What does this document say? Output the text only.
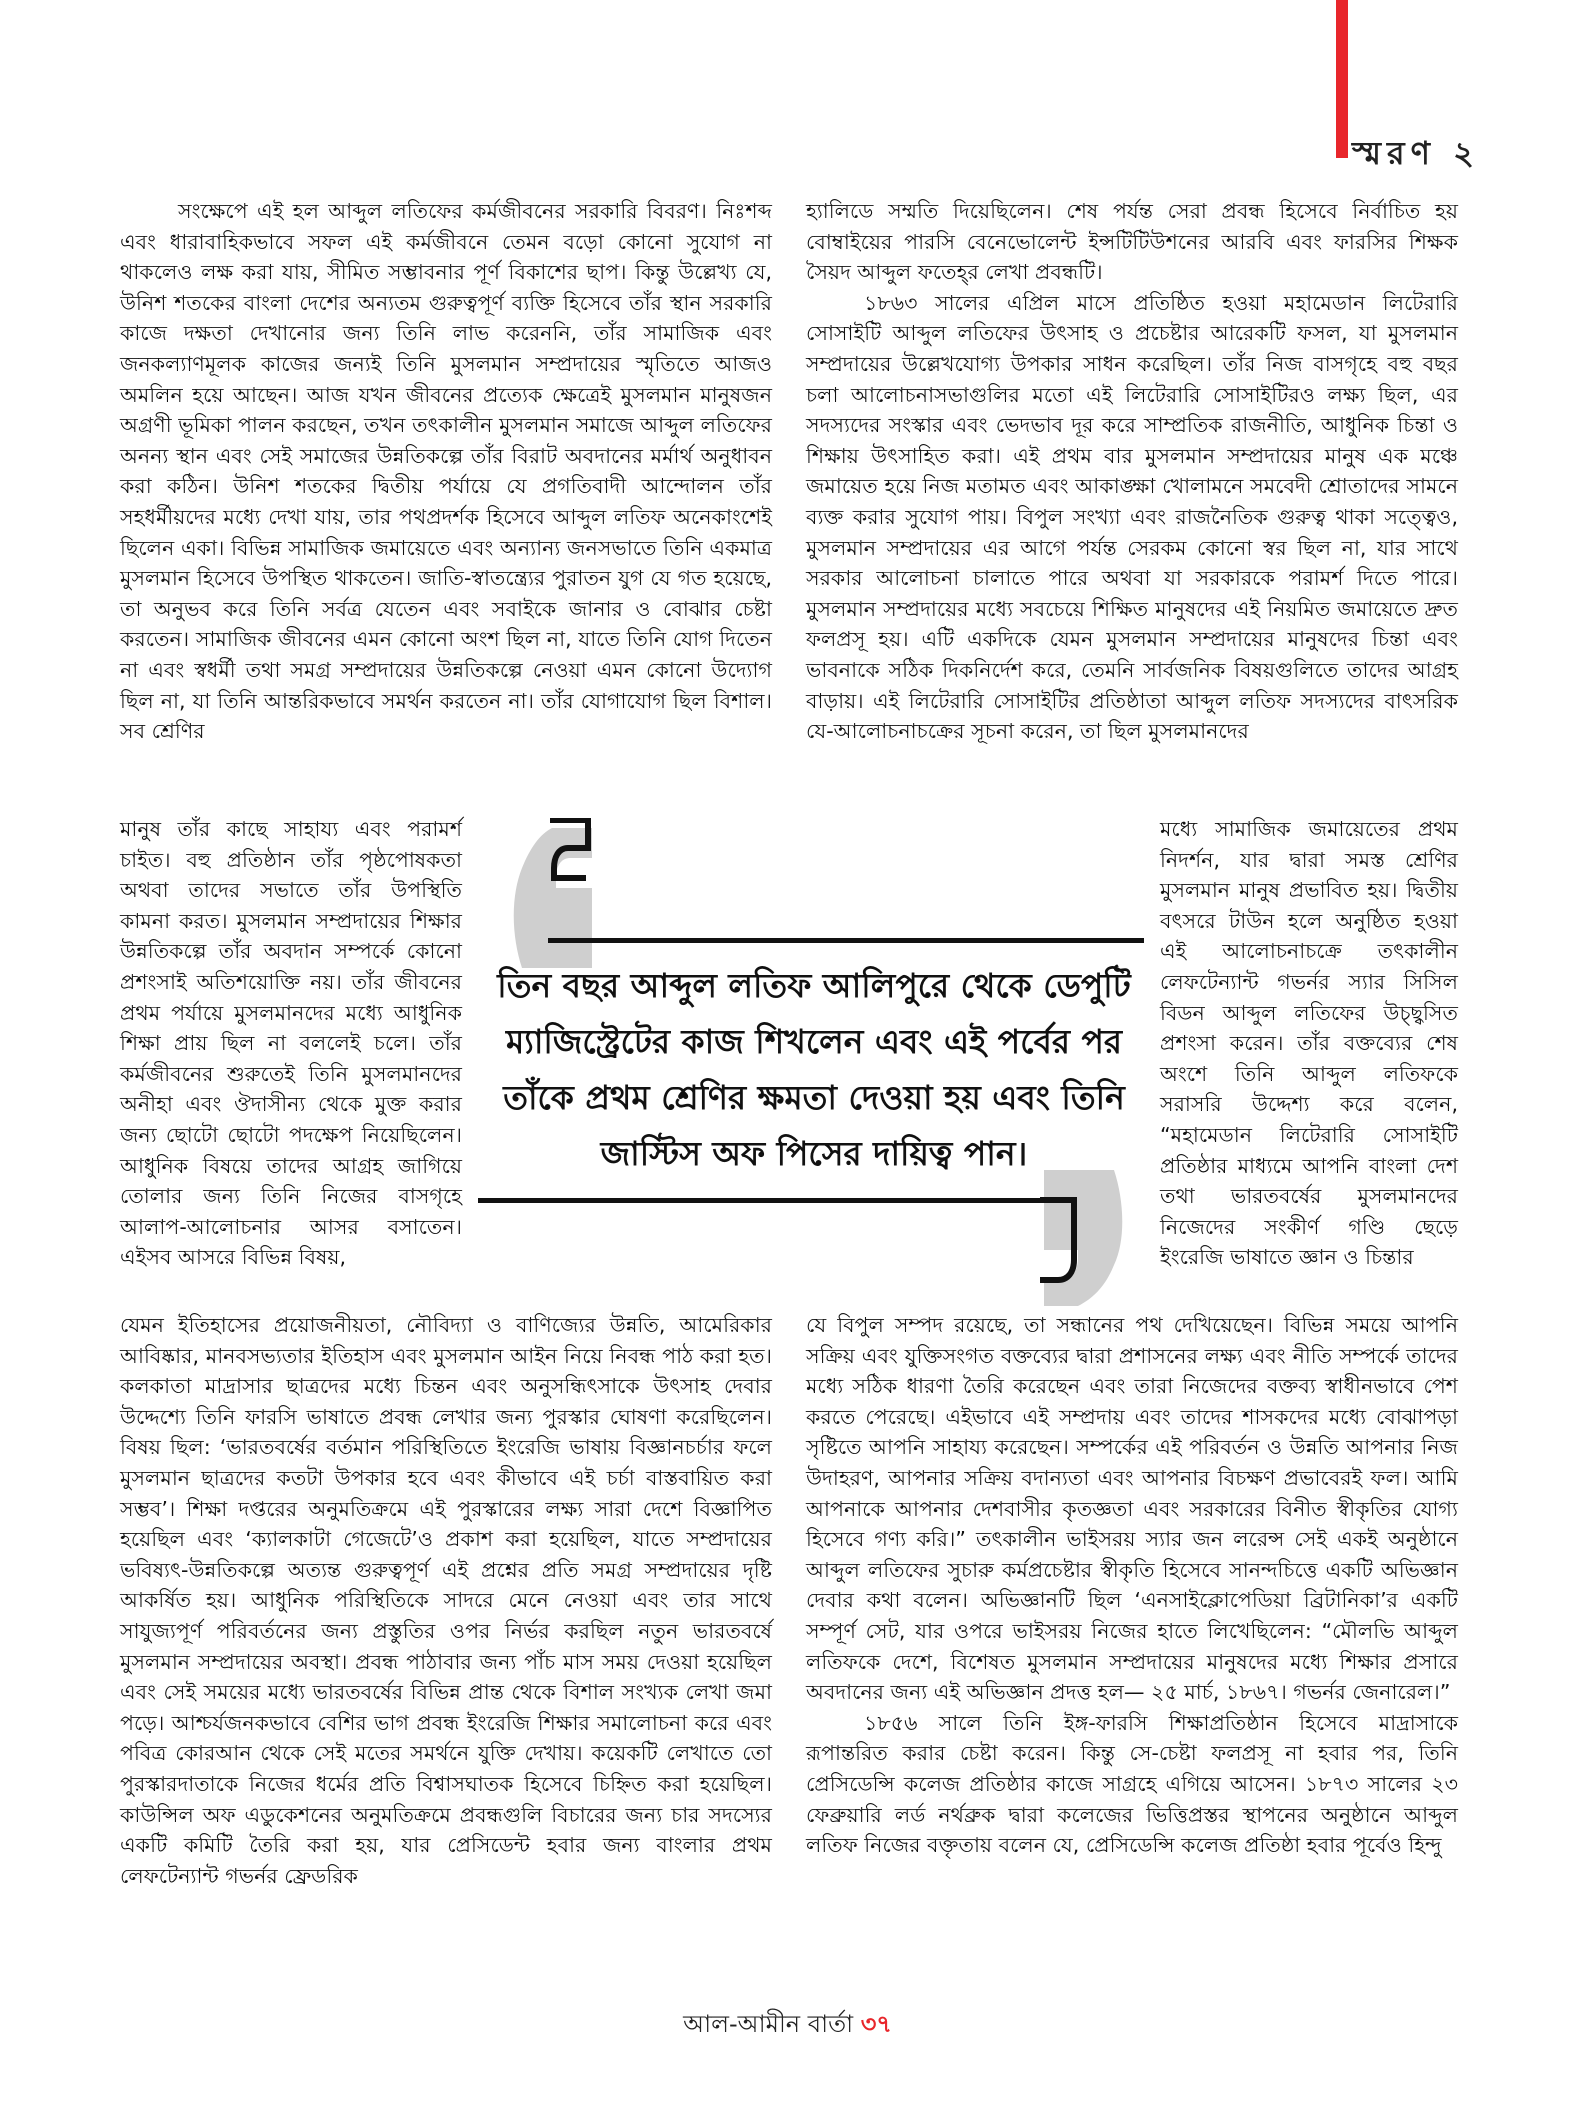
স্মরণ ২

সংক্ষেপে এই হল আব্দুল লতিফের কর্মজীবনের সরকারি বিবরণ। নিঃশব্দ এবং ধারাবাহিকভাবে সফল এই কর্মজীবনে তেমন বড়ো কোনো সুযোগ না থাকলেও লক্ষ করা যায়, সীমিত সম্ভাবনার পূর্ণ বিকাশের ছাপ। কিন্তু উল্লেখ্য যে, উনিশ শতকের বাংলা দেশের অন্যতম গুরুত্বপূর্ণ ব্যক্তি হিসেবে তাঁর স্থান সরকারি কাজে দক্ষতা দেখানোর জন্য তিনি লাভ করেননি, তাঁর সামাজিক এবং জনকল্যাণমূলক কাজের জন্যই তিনি মুসলমান সম্প্রদায়ের স্মৃতিতে আজও অমলিন হয়ে আছেন। আজ যখন জীবনের প্রত্যেক ক্ষেত্রেই মুসলমান মানুষজন অগ্রণী ভূমিকা পালন করছেন, তখন তৎকালীন মুসলমান সমাজে আব্দুল লতিফের অনন্য স্থান এবং সেই সমাজের উন্নতিকল্পে তাঁর বিরাট অবদানের মর্মার্থ অনুধাবন করা কঠিন। উনিশ শতকের দ্বিতীয় পর্যায়ে যে প্রগতিবাদী আন্দোলন তাঁর সহধর্মীয়দের মধ্যে দেখা যায়, তার পথপ্রদর্শক হিসেবে আব্দুল লতিফ অনেকাংশেই ছিলেন একা। বিভিন্ন সামাজিক জমায়েতে এবং অন্যান্য জনসভাতে তিনি একমাত্র মুসলমান হিসেবে উপস্থিত থাকতেন। জাতি-স্বাতন্ত্র্যের পুরাতন যুগ যে গত হয়েছে, তা অনুভব করে তিনি সর্বত্র যেতেন এবং সবাইকে জানার ও বোঝার চেষ্টা করতেন। সামাজিক জীবনের এমন কোনো অংশ ছিল না, যাতে তিনি যোগ দিতেন না এবং স্বধর্মী তথা সমগ্র সম্প্রদায়ের উন্নতিকল্পে নেওয়া এমন কোনো উদ্যোগ ছিল না, যা তিনি আন্তরিকভাবে সমর্থন করতেন না। তাঁর যোগাযোগ ছিল বিশাল। সব শ্রেণির

হ্যালিডে সম্মতি দিয়েছিলেন। শেষ পর্যন্ত সেরা প্রবন্ধ হিসেবে নির্বাচিত হয় বোম্বাইয়ের পারসি বেনেভোলেন্ট ইন্সটিটিউশনের আরবি এবং ফারসির শিক্ষক সৈয়দ আব্দুল ফতেহ্‌র লেখা প্রবন্ধটি।

১৮৬৩ সালের এপ্রিল মাসে প্রতিষ্ঠিত হওয়া মহামেডান লিটেরারি সোসাইটি আব্দুল লতিফের উৎসাহ ও প্রচেষ্টার আরেকটি ফসল, যা মুসলমান সম্প্রদায়ের উল্লেখযোগ্য উপকার সাধন করেছিল। তাঁর নিজ বাসগৃহে বহু বছর চলা আলোচনাসভাগুলির মতো এই লিটেরারি সোসাইটিরও লক্ষ্য ছিল, এর সদস্যদের সংস্কার এবং ভেদভাব দূর করে সাম্প্রতিক রাজনীতি, আধুনিক চিন্তা ও শিক্ষায় উৎসাহিত করা। এই প্রথম বার মুসলমান সম্প্রদায়ের মানুষ এক মঞ্চে জমায়েত হয়ে নিজ মতামত এবং আকাঙ্ক্ষা খোলামনে সমবেদী শ্রোতাদের সামনে ব্যক্ত করার সুযোগ পায়। বিপুল সংখ্যা এবং রাজনৈতিক গুরুত্ব থাকা সত্ত্বেও, মুসলমান সম্প্রদায়ের এর আগে পর্যন্ত সেরকম কোনো স্বর ছিল না, যার সাথে সরকার আলোচনা চালাতে পারে অথবা যা সরকারকে পরামর্শ দিতে পারে। মুসলমান সম্প্রদায়ের মধ্যে সবচেয়ে শিক্ষিত মানুষদের এই নিয়মিত জমায়েতে দ্রুত ফলপ্রসূ হয়। এটি একদিকে যেমন মুসলমান সম্প্রদায়ের মানুষদের চিন্তা এবং ভাবনাকে সঠিক দিকনির্দেশ করে, তেমনি সার্বজনিক বিষয়গুলিতে তাদের আগ্রহ বাড়ায়। এই লিটেরারি সোসাইটির প্রতিষ্ঠাতা আব্দুল লতিফ সদস্যদের বাৎসরিক যে-আলোচনাচক্রের সূচনা করেন, তা ছিল মুসলমানদের

মানুষ তাঁর কাছে সাহায্য এবং পরামর্শ চাইত। বহু প্রতিষ্ঠান তাঁর পৃষ্ঠপোষকতা অথবা তাদের সভাতে তাঁর উপস্থিতি কামনা করত। মুসলমান সম্প্রদায়ের শিক্ষার উন্নতিকল্পে তাঁর অবদান সম্পর্কে কোনো প্রশংসাই অতিশয়োক্তি নয়। তাঁর জীবনের প্রথম পর্যায়ে মুসলমানদের মধ্যে আধুনিক শিক্ষা প্রায় ছিল না বললেই চলে। তাঁর কর্মজীবনের শুরুতেই তিনি মুসলমানদের অনীহা এবং ঔদাসীন্য থেকে মুক্ত করার জন্য ছোটো ছোটো পদক্ষেপ নিয়েছিলেন। আধুনিক বিষয়ে তাদের আগ্রহ জাগিয়ে তোলার জন্য তিনি নিজের বাসগৃহে আলাপ-আলোচনার আসর বসাতেন। এইসব আসরে বিভিন্ন বিষয়,

মধ্যে সামাজিক জমায়েতের প্রথম নিদর্শন, যার দ্বারা সমস্ত শ্রেণির মুসলমান মানুষ প্রভাবিত হয়। দ্বিতীয় বৎসরে টাউন হলে অনুষ্ঠিত হওয়া এই আলোচনাচক্রে তৎকালীন লেফটেন্যান্ট গভর্নর স্যার সিসিল বিডন আব্দুল লতিফের উচ্ছ্বসিত প্রশংসা করেন। তাঁর বক্তব্যের শেষ অংশে তিনি আব্দুল লতিফকে সরাসরি উদ্দেশ্য করে বলেন, “মহামেডান লিটেরারি সোসাইটি প্রতিষ্ঠার মাধ্যমে আপনি বাংলা দেশ তথা ভারতবর্ষের মুসলমানদের নিজেদের সংকীর্ণ গণ্ডি ছেড়ে ইংরেজি ভাষাতে জ্ঞান ও চিন্তার

তিন বছর আব্দুল লতিফ আলিপুরে থেকে ডেপুটি ম্যাজিস্ট্রেটের কাজ শিখলেন এবং এই পর্বের পর তাঁকে প্রথম শ্রেণির ক্ষমতা দেওয়া হয় এবং তিনি জাস্টিস অফ পিসের দায়িত্ব পান।

যেমন ইতিহাসের প্রয়োজনীয়তা, নৌবিদ্যা ও বাণিজ্যের উন্নতি, আমেরিকার আবিষ্কার, মানবসভ্যতার ইতিহাস এবং মুসলমান আইন নিয়ে নিবন্ধ পাঠ করা হত। কলকাতা মাদ্রাসার ছাত্রদের মধ্যে চিন্তন এবং অনুসন্ধিৎসাকে উৎসাহ দেবার উদ্দেশ্যে তিনি ফারসি ভাষাতে প্রবন্ধ লেখার জন্য পুরস্কার ঘোষণা করেছিলেন। বিষয় ছিল: ‘ভারতবর্ষের বর্তমান পরিস্থিতিতে ইংরেজি ভাষায় বিজ্ঞানচর্চার ফলে মুসলমান ছাত্রদের কতটা উপকার হবে এবং কীভাবে এই চর্চা বাস্তবায়িত করা সম্ভব’। শিক্ষা দপ্তরের অনুমতিক্রমে এই পুরস্কারের লক্ষ্য সারা দেশে বিজ্ঞাপিত হয়েছিল এবং ‘ক্যালকাটা গেজেটে’ও প্রকাশ করা হয়েছিল, যাতে সম্প্রদায়ের ভবিষ্যৎ-উন্নতিকল্পে অত্যন্ত গুরুত্বপূর্ণ এই প্রশ্নের প্রতি সমগ্র সম্প্রদায়ের দৃষ্টি আকর্ষিত হয়। আধুনিক পরিস্থিতিকে সাদরে মেনে নেওয়া এবং তার সাথে সাযুজ্যপূর্ণ পরিবর্তনের জন্য প্রস্তুতির ওপর নির্ভর করছিল নতুন ভারতবর্ষে মুসলমান সম্প্রদায়ের অবস্থা। প্রবন্ধ পাঠাবার জন্য পাঁচ মাস সময় দেওয়া হয়েছিল এবং সেই সময়ের মধ্যে ভারতবর্ষের বিভিন্ন প্রান্ত থেকে বিশাল সংখ্যক লেখা জমা পড়ে। আশ্চর্যজনকভাবে বেশির ভাগ প্রবন্ধ ইংরেজি শিক্ষার সমালোচনা করে এবং পবিত্র কোরআন থেকে সেই মতের সমর্থনে যুক্তি দেখায়। কয়েকটি লেখাতে তো পুরস্কারদাতাকে নিজের ধর্মের প্রতি বিশ্বাসঘাতক হিসেবে চিহ্নিত করা হয়েছিল। কাউন্সিল অফ এডুকেশনের অনুমতিক্রমে প্রবন্ধগুলি বিচারের জন্য চার সদস্যের একটি কমিটি তৈরি করা হয়, যার প্রেসিডেন্ট হবার জন্য বাংলার প্রথম লেফটেন্যান্ট গভর্নর ফ্রেডরিক

যে বিপুল সম্পদ রয়েছে, তা সন্ধানের পথ দেখিয়েছেন। বিভিন্ন সময়ে আপনি সক্রিয় এবং যুক্তিসংগত বক্তব্যের দ্বারা প্রশাসনের লক্ষ্য এবং নীতি সম্পর্কে তাদের মধ্যে সঠিক ধারণা তৈরি করেছেন এবং তারা নিজেদের বক্তব্য স্বাধীনভাবে পেশ করতে পেরেছে। এইভাবে এই সম্প্রদায় এবং তাদের শাসকদের মধ্যে বোঝাপড়া সৃষ্টিতে আপনি সাহায্য করেছেন। সম্পর্কের এই পরিবর্তন ও উন্নতি আপনার নিজ উদাহরণ, আপনার সক্রিয় বদান্যতা এবং আপনার বিচক্ষণ প্রভাবেরই ফল। আমি আপনাকে আপনার দেশবাসীর কৃতজ্ঞতা এবং সরকারের বিনীত স্বীকৃতির যোগ্য হিসেবে গণ্য করি।” তৎকালীন ভাইসরয় স্যার জন লরেন্স সেই একই অনুষ্ঠানে আব্দুল লতিফের সুচারু কর্মপ্রচেষ্টার স্বীকৃতি হিসেবে সানন্দচিত্তে একটি অভিজ্ঞান দেবার কথা বলেন। অভিজ্ঞানটি ছিল ‘এনসাইক্লোপেডিয়া ব্রিটানিকা’র একটি সম্পূর্ণ সেট, যার ওপরে ভাইসরয় নিজের হাতে লিখেছিলেন: “মৌলভি আব্দুল লতিফকে দেশে, বিশেষত মুসলমান সম্প্রদায়ের মানুষদের মধ্যে শিক্ষার প্রসারে অবদানের জন্য এই অভিজ্ঞান প্রদত্ত হল— ২৫ মার্চ, ১৮৬৭। গভর্নর জেনারেল।”

১৮৫৬ সালে তিনি ইঙ্গ-ফারসি শিক্ষাপ্রতিষ্ঠান হিসেবে মাদ্রাসাকে রূপান্তরিত করার চেষ্টা করেন। কিন্তু সে-চেষ্টা ফলপ্রসূ না হবার পর, তিনি প্রেসিডেন্সি কলেজ প্রতিষ্ঠার কাজে সাগ্রহে এগিয়ে আসেন। ১৮৭৩ সালের ২৩ ফেব্রুয়ারি লর্ড নর্থব্রুক দ্বারা কলেজের ভিত্তিপ্রস্তর স্থাপনের অনুষ্ঠানে আব্দুল লতিফ নিজের বক্তৃতায় বলেন যে, প্রেসিডেন্সি কলেজ প্রতিষ্ঠা হবার পূর্বেও হিন্দু

আল-আমীন বার্তা ৩৭
